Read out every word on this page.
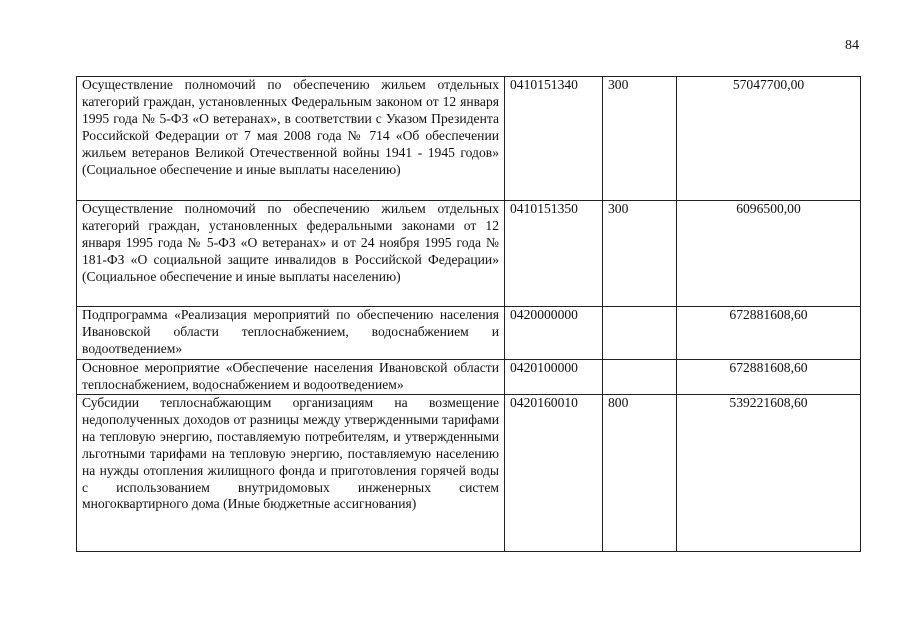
84
Осуществление полномочий по обеспечению жильем отдельных категорий граждан, установленных Федеральным законом от 12 января 1995 года № 5-ФЗ «О ветеранах», в соответствии с Указом Президента Российской Федерации от 7 мая 2008 года № 714 «Об обеспечении жильем ветеранов Великой Отечественной войны 1941 - 1945 годов» (Социальное обеспечение и иные выплаты населению)	0410151340	300	57047700,00

Осуществление полномочий по обеспечению жильем отдельных категорий граждан, установленных федеральными законами от 12 января 1995 года № 5-ФЗ «О ветеранах» и от 24 ноября 1995 года № 181-ФЗ «О социальной защите инвалидов в Российской Федерации» (Социальное обеспечение и иные выплаты населению)	0410151350	300	6096500,00

Подпрограмма «Реализация мероприятий по обеспечению населения Ивановской области теплоснабжением, водоснабжением и водоотведением»	0420000000		672881608,60

Основное мероприятие «Обеспечение населения Ивановской области теплоснабжением, водоснабжением и водоотведением»	0420100000		672881608,60

Субсидии теплоснабжающим организациям на возмещение недополученных доходов от разницы между утвержденными тарифами на тепловую энергию, поставляемую потребителям, и утвержденными льготными тарифами на тепловую энергию, поставляемую населению на нужды отопления жилищного фонда и приготовления горячей воды с использованием внутридомовых инженерных систем многоквартирного дома (Иные бюджетные ассигнования)	0420160010	800	539221608,60
